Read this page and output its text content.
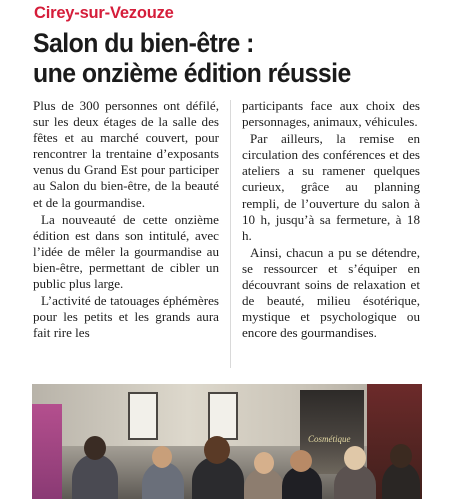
Cirey-sur-Vezouze
Salon du bien-être :
une onzième édition réussie

Plus de 300 personnes ont défilé, sur les deux étages de la salle des fêtes et au marché couvert, pour rencontrer la trentaine d’exposants venus du Grand Est pour participer au Salon du bien-être, de la beauté et de la gourmandise.

La nouveauté de cette onzième édition est dans son intitulé, avec l’idée de mêler la gourmandise au bien-être, permettant de cibler un public plus large.

L’activité de tatouages éphémères pour les petits et les grands aura fait rire les

participants face aux choix des personnages, animaux, véhicules.

Par ailleurs, la remise en circulation des conférences et des ateliers a su ramener quelques curieux, grâce au planning rempli, de l’ouverture du salon à 10 h, jusqu’à sa fermeture, à 18 h.

Ainsi, chacun a pu se détendre, se ressourcer et s’équiper en découvrant soins de relaxation et de beauté, milieu ésotérique, mystique et psychologique ou encore des gourmandises.

Cosmétique
